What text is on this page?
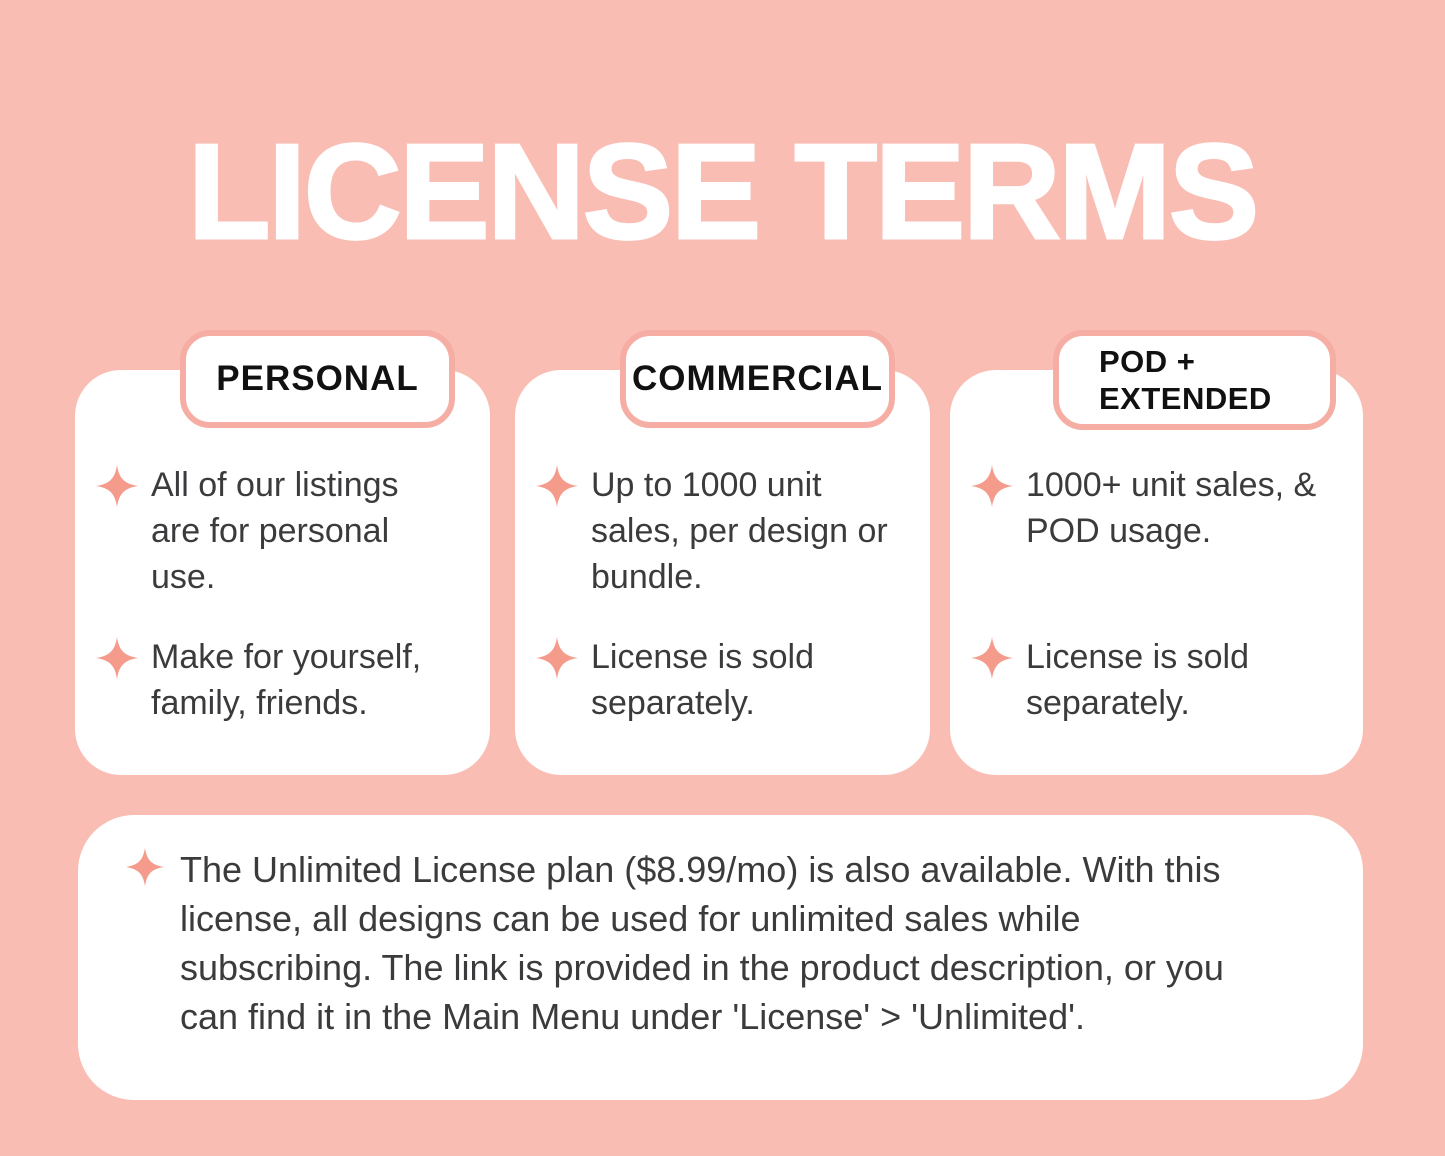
LICENSE TERMS
PERSONAL

All of our listings are for personal use.

Make for yourself, family, friends.

COMMERCIAL

Up to 1000 unit sales, per design or bundle.

License is sold separately.

POD + EXTENDED

1000+ unit sales, & POD usage.

License is sold separately.

The Unlimited License plan ($8.99/mo) is also available. With this license, all designs can be used for unlimited sales while subscribing. The link is provided in the product description, or you can find it in the Main Menu under 'License' > 'Unlimited'.
